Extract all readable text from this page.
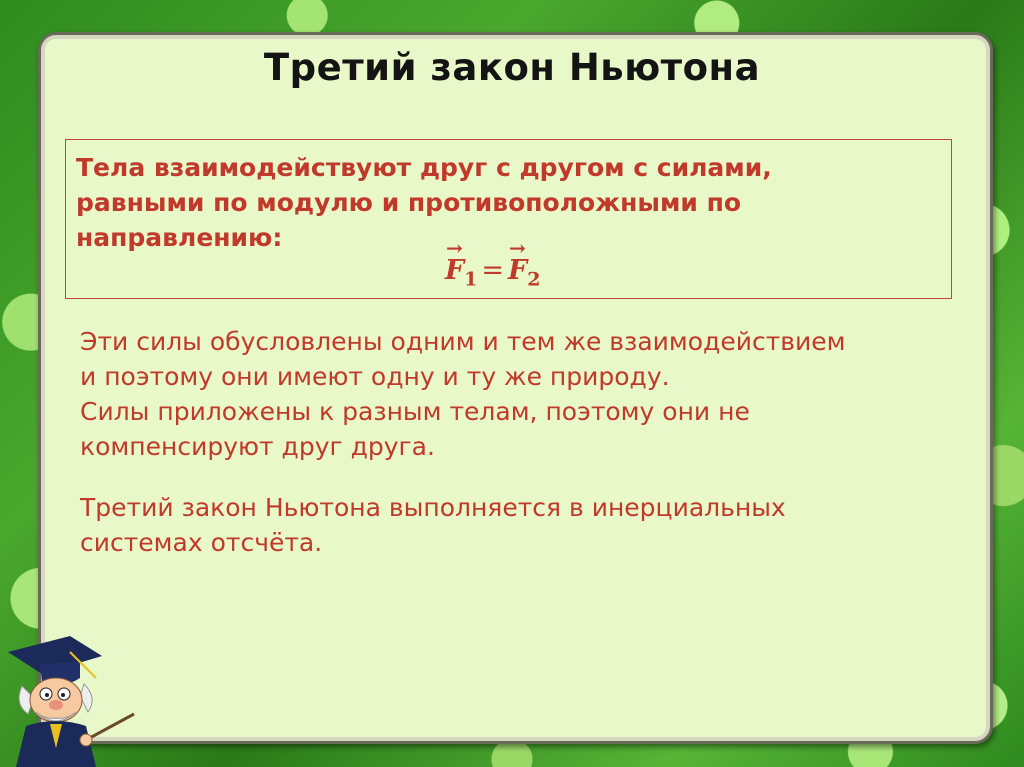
Третий закон Ньютона

Тела взаимодействуют друг с другом с силами,
равными по модулю и противоположными по
направлению:

→ $F_1 =\to F_2$

Эти силы обусловлены одним и тем же взаимодействием
и поэтому они имеют одну и ту же природу.
Силы приложены к разным телам, поэтому они не
компенсируют друг друга.

Третий закон Ньютона выполняется в инерциальных
системах отсчёта.
